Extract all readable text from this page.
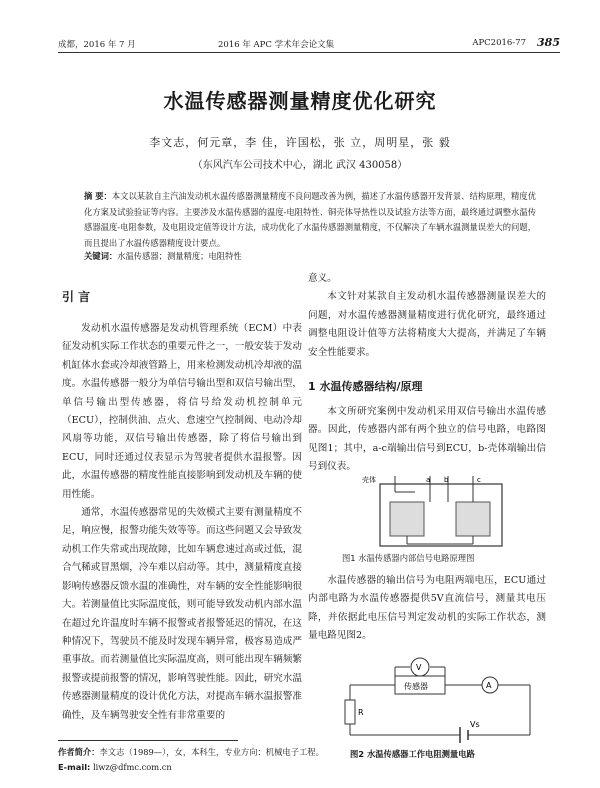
成都，2016 年 7 月	2016 年 APC 学术年会论文集	APC2016-77 385
水温传感器测量精度优化研究
李文志，何元章，李 佳，许国松，张 立，周明星，张 毅
（东风汽车公司技术中心，湖北 武汉 430058）
摘 要：本文以某款自主汽油发动机水温传感器测量精度不良问题改善为例，描述了水温传感器开发背景、结构原理，精度优化方案及试验验证等内容。主要涉及水温传感器的温度-电阻特性、铜壳体导热性以及试验方法等方面，最终通过调整水温传感器温度-电阻参数，及电阻设定值等设计方法，成功优化了水温传感器测量精度，不仅解决了车辆水温测量误差大的问题，而且提出了水温传感器精度设计要点。
关键词：水温传感器；测量精度；电阻特性
引 言

发动机水温传感器是发动机管理系统（ECM）中表征发动机实际工作状态的重要元件之一，一般安装于发动机缸体水套或冷却液管路上，用来检测发动机冷却液的温度。水温传感器一般分为单信号输出型和双信号输出型，单信号输出型传感器，将信号给发动机控制单元（ECU），控制供油、点火、怠速空气控制阀、电动冷却风扇等功能，双信号输出传感器，除了将信号输出到ECU，同时还通过仪表显示为驾驶者提供水温报警。因此，水温传感器的精度性能直接影响到发动机及车辆的使用性能。

通常，水温传感器常见的失效模式主要有测量精度不足，响应慢，报警功能失效等等。而这些问题又会导致发动机工作失常或出现故障，比如车辆怠速过高或过低，混合气稀或冒黑烟，冷车难以启动等。其中，测量精度直接影响传感器反馈水温的准确性，对车辆的安全性能影响很大。若测量值比实际温度低，则可能导致发动机内部水温在超过允许温度时车辆不报警或者报警延迟的情况，在这种情况下，驾驶员不能及时发现车辆异常，极容易造成严重事故。而若测量值比实际温度高，则可能出现车辆频繁报警或提前报警的情况，影响驾驶性能。因此，研究水温传感器测量精度的设计优化方法，对提高车辆水温报警准确性，及车辆驾驶安全性有非常重要的

意义。

本文针对某款自主发动机水温传感器测量误差大的问题，对水温传感器测量精度进行优化研究，最终通过调整电阻设计值等方法将精度大大提高，并满足了车辆安全性能要求。

1 水温传感器结构/原理

本文所研究案例中发动机采用双信号输出水温传感器。因此，传感器内部有两个独立的信号电路，电路图见图1；其中，a-c端输出信号到ECU，b-壳体端输出信号到仪表。

壳体	a b	c
图1 水温传感器内部信号电路原理图

水温传感器的输出信号为电阻两端电压，ECU通过内部电路为水温传感器提供5V直流信号，测量其电压降，并依据此电压信号判定发动机的实际工作状态，测量电路见图2。

V
传感器	A
R
Vs
图2 水温传感器工作电阻测量电路
作者简介：李文志（1989—），女，本科生，专业方向：机械电子工程。
E-mail: liwz@dfmc.com.cn
